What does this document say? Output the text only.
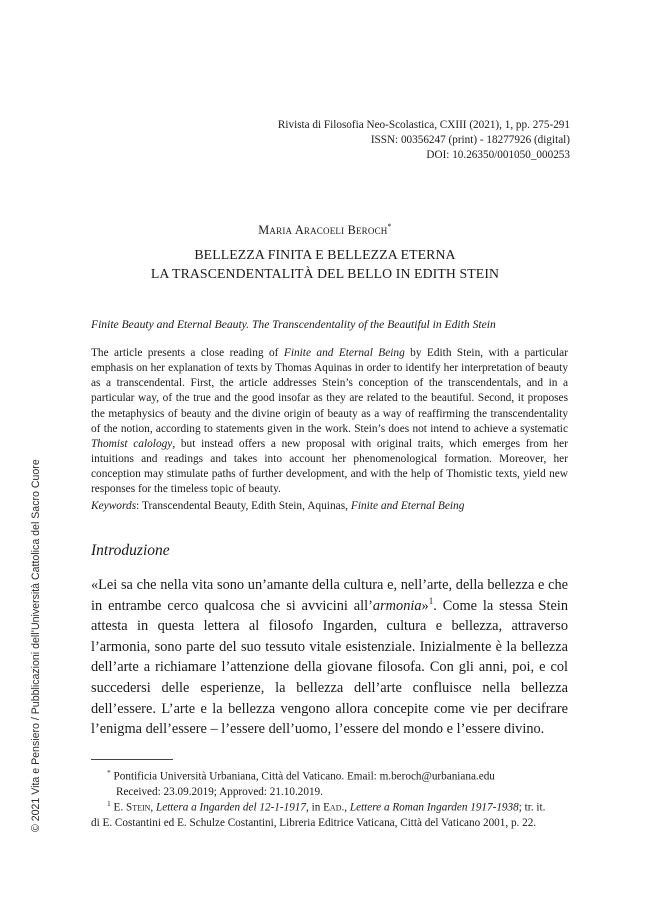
Rivista di Filosofia Neo-Scolastica, CXIII (2021), 1, pp. 275-291
ISSN: 00356247 (print) - 18277926 (digital)
DOI: 10.26350/001050_000253
Maria Aracoeli Beroch*
BELLEZZA FINITA E BELLEZZA ETERNA
LA TRASCENDENTALITÀ DEL BELLO IN EDITH STEIN
Finite Beauty and Eternal Beauty. The Transcendentality of the Beautiful in Edith Stein
The article presents a close reading of Finite and Eternal Being by Edith Stein, with a particular emphasis on her explanation of texts by Thomas Aquinas in order to identify her interpretation of beauty as a transcendental. First, the article addresses Stein’s conception of the transcendentals, and in a particular way, of the true and the good insofar as they are related to the beautiful. Second, it proposes the metaphysics of beauty and the divine origin of beauty as a way of reaffirming the transcendentality of the notion, according to statements given in the work. Stein’s does not intend to achieve a systematic Thomist calology, but instead offers a new proposal with original traits, which emerges from her intuitions and readings and takes into account her phenomenological formation. Moreover, her conception may stimulate paths of further development, and with the help of Thomistic texts, yield new responses for the timeless topic of beauty.
Keywords: Transcendental Beauty, Edith Stein, Aquinas, Finite and Eternal Being
Introduzione
«Lei sa che nella vita sono un’amante della cultura e, nell’arte, della bellezza e che in entrambe cerco qualcosa che si avvicini all’armonia»$^1$. Come la stessa Stein attesta in questa lettera al filosofo Ingarden, cultura e bellezza, attraverso l’armonia, sono parte del suo tessuto vitale esistenziale. Inizialmente è la bellezza dell’arte a richiamare l’attenzione della giovane filosofa. Con gli anni, poi, e col succedersi delle esperienze, la bellezza dell’arte confluisce nella bellezza dell’essere. L’arte e la bellezza vengono allora concepite come vie per decifrare l’enigma dell’essere – l’essere dell’uomo, l’essere del mondo e l’essere divino.
* Pontificia Università Urbaniana, Città del Vaticano. Email: m.beroch@urbaniana.edu
Received: 23.09.2019; Approved: 21.10.2019.
$^1$ E. Stein, Lettera a Ingarden del 12-1-1917, in Ead., Lettere a Roman Ingarden 1917-1938; tr. it.
di E. Costantini ed E. Schulze Costantini, Libreria Editrice Vaticana, Città del Vaticano 2001, p. 22.
© 2021 Vita e Pensiero / Pubblicazioni dell’Università Cattolica del Sacro Cuore
